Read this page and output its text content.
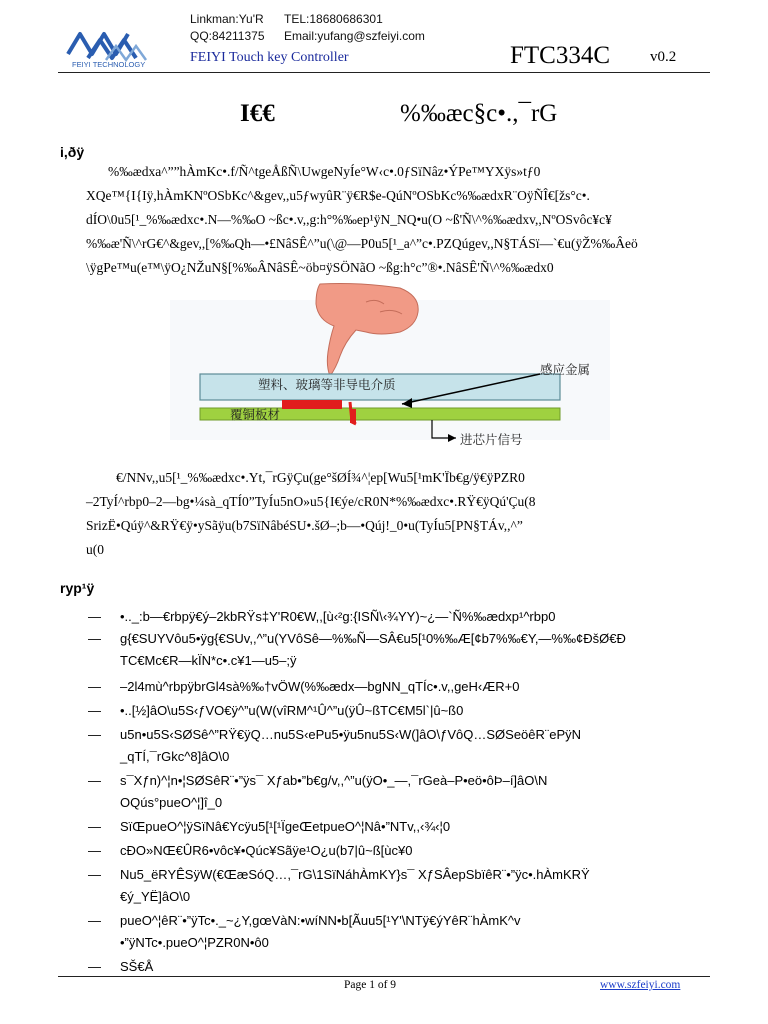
Linkman:Yu'R TEL:18680686301
QQ:84211375 Email:yufang@szfeiyi.com
FEIYI TECHNOLOGY	FEIYI Touch key Controller	FTC334C	v0.2
I€€	%‰æc§c•.,¯rG
i,ðÿ
%‰ædxa^””hÀmKc•.f/Ñ^tgeÅßÑ\UwgeNyÍe°W‹c•.0ƒSïNâz•ÝPe™YXÿs»tƒ0
XQe™{I{Iÿ,hÀmKNºOSbKc^&gev,,u5ƒwyûR¨ÿ€R$e-QúNºOSbKc%‰ædxR¨OÿÑÎ€[žs°c•.
dÍO\0u5[¹_%‰ædxc•.N—%‰O ~ßc•.v,,g:h°%‰ep¹ÿN_NQ•u(O ~ß'Ñ\^%‰ædxv,,NºOSvôc¥c¥
%‰æ'Ñ\^rG€^&gev,,[%‰Qh—•£NâSÊ^”u(\@—P0u5[¹_a^”c•.PZQúgev,,N§TÁSï—`€u(ÿŽ%‰Âeö
\ÿgPe™u(e™\ÿO¿NŽuN§[%‰ÂNâSÊ~öb¤ÿSÖNãO ~ßg:h°c”®•.NâSÊ'Ñ\^%‰ædx0
塑料、玻璃等非导电介质
感应金属
覆铜板材
进芯片信号
€/NNv,,u5[¹_%‰ædxc•.Yt,¯rGÿÇu(ge°šØÍ¾^¦ep[Wu5[¹mK'Ïb€g/ÿ€ÿPZR0
–2TyÍ^rbp0–2—bg•¼sà_qTÍ0”TyÍu5nO»u5{I€ýe/cR0N*%‰ædxc•.RŸ€ÿQú'Çu(8
SrizË•Qúÿ^&RŸ€ÿ•ySãÿu(b7SïNâbéSU•.šØ–;b—•Qúj!_0•u(TyÍu5[PN§TÁv,,^”
u(0
ryp¹ÿ
— •.._:b—€rbpÿ€ý–2kbRŸs‡Y'R0€W,,[ù‹²g:{ISÑ\‹¾YY)~¿—`Ñ%‰ædxp¹^rbp0
— g{€SUYVôu5•ÿg{€SUv,,^”u(YVôSê—%‰Ñ—SÂ€u5[¹0%‰Æ[¢b7%‰€Y,—%‰¢ÐšØ€Ð
TC€Mc€R—kÏN*c•.c¥1—u5–;ÿ
— –2l4mù^rbpÿbrGl4sà%‰†vÖW(%‰ædx—bgNN_qTÍc•.v,,geH‹ÆR+0
— •..[½]âO\u5S‹ƒVO€ÿ^”u(W(vîRM^¹Û^”u(ÿÛ~ßTC€M5l`|û~ß0
— u5n•u5S‹SØSê^”RŸ€ÿQ…nu5S‹ePu5•ÿu5nu5S‹W(]âO\ƒVôQ…SØSeöêR¨ePÿN
_qTÍ,¯rGkc^8]âO\0
— s¯Xƒn)^¦n•¦SØSêR¨•”ÿs¯ Xƒab•”b€g/v,,^”u(ÿO•_—,¯rGeà–P•eö•ôÞ–í]âO\N
OQús°pueO^¦]î_0
— SïŒpueO^¦ÿSïNâ€Ycÿu5[¹[¹ÏgeŒetpueO^¦Nâ•”NTv,,‹¾‹¦0
— cÐO»NŒ€ÛR6•vôc¥•Qúc¥Sãÿe¹O¿u(b7|û~ß[ùc¥0
— Nu5_ëRYÊSÿW(€ŒæSóQ…,¯rG\1SïNáhÀmKY}s¯ XƒSÂepSbïêR¨•”ÿc•.hÀmKRŸ
€ý_YË]âO\0
— pueO^¦êR¨•”ÿTc•._~¿Y,gœVàN:•wíNN•b[Ãuu5[¹Y'\NTÿ€ýYêR¨hÀmK^v
•”ÿNTc•.pueO^¦PZR0N•ô0
— SŠ€Å
Page 1 of 9	www.szfeiyi.com
